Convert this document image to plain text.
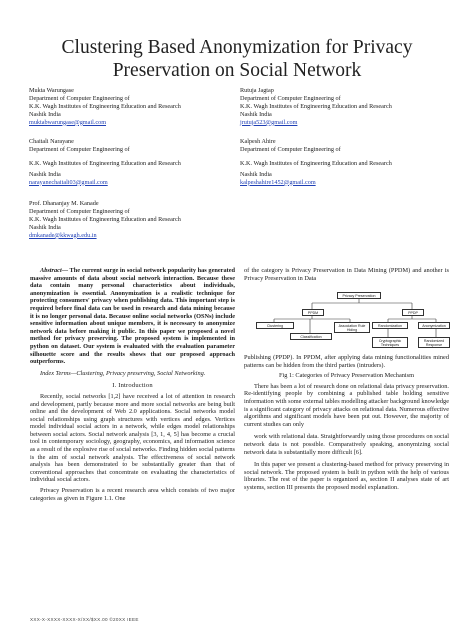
Clustering Based Anonymization for Privacy Preservation on Social Network
Mukta Warungase
Department of Computer Engineering of
K.K. Wagh Institutes of Engineering Education and Research
Nashik India
muktabwarungase@gmail.com
Rutuja Jagtap
Department of Computer Engineering of
K.K. Wagh Institutes of Engineering Education and Research
Nashik India
jrutuja523@gmail.com
Chaitali Narayane
Department of Computer Engineering of
K.K. Wagh Institutes of Engineering Education and Research
Nashik India
narayanechaitali03@gmail.com
Kalpesh Ahire
Department of Computer Engineering of
K.K. Wagh Institutes of Engineering Education and Research
Nashik India
kalpeshahire1452@gmail.com
Prof. Dhananjay M. Kanade
Department of Computer Engineering of
K.K. Wagh Institutes of Engineering Education and Research
Nashik India
dmkanade@kkwagh.edu.in

Abstract— The current surge in social network popularity has generated massive amounts of data about social network interaction. Because these data contain many personal characteristics about individuals, anonymization is essential. Anonymization is a realistic technique for protecting consumers' privacy when publishing data. This important step is required before final data can be used in research and data mining because it is no longer personal data. Because online social networks (OSNs) include sensitive information about unique members, it is necessary to anonymize network data before making it public. In this paper we proposed a novel method for privacy preserving. The proposed system is implemented in python on dataset. Our system is evaluated with the evaluation parameter silhouette score and the results shows that our proposed approach outperforms.

Index Terms—Clustering, Privacy preserving, Social Networking.

I. Introduction

Recently, social networks [1,2] have received a lot of attention in research and development, partly because more and more social networks are being built online and the development of Web 2.0 applications. Social networks model social relationships using graph structures with vertices and edges. Vertices model individual social actors in a network, while edges model relationships between social actors. Social network analysis [3, 1, 4, 5] has become a crucial tool in contemporary sociology, geography, economics, and information science as a result of the explosive rise of social networks. Finding hidden social patterns is the aim of social network analysis. The effectiveness of social network analysis has been demonstrated to be substantially greater than that of conventional approaches that concentrate on evaluating the characteristics of individual social actors.

Privacy Preservation is a recent research area which consists of two major categories as given in Figure 1.1. One

of the category is Privacy Preservation in Data Mining (PPDM) and another is Privacy Preservation in Data

Privacy Preservation
PPDM	PPDP
Clustering
Classification
Association Rule Hiding
Randomization
Cryptographic Techniques
Anonymization
Randomized Response

Publishing (PPDP). In PPDM, after applying data mining functionalities mined patterns can be hidden from the third parties (intruders).

Fig 1: Categories of Privacy Preservation Mechanism

There has been a lot of research done on relational data privacy preservation. Re-identifying people by combining a published table holding sensitive information with some external tables modelling attacker background knowledge is a significant category of privacy attacks on relational data. Numerous effective algorithms and significant models have been put out. However, the majority of current studies can only

work with relational data. Straightforwardly using those procedures on social network data is not possible. Comparatively speaking, anonymizing social network data is substantially more difficult [6].

In this paper we present a clustering-based method for privacy preserving in social network. The proposed system is built in python with the help of various libraries. The rest of the paper is organized as, section II analyses state of art systems, section III presents the proposed model explanation.

XXX-X-XXXX-XXXX-X/XX/$XX.00 ©20XX IEEE
